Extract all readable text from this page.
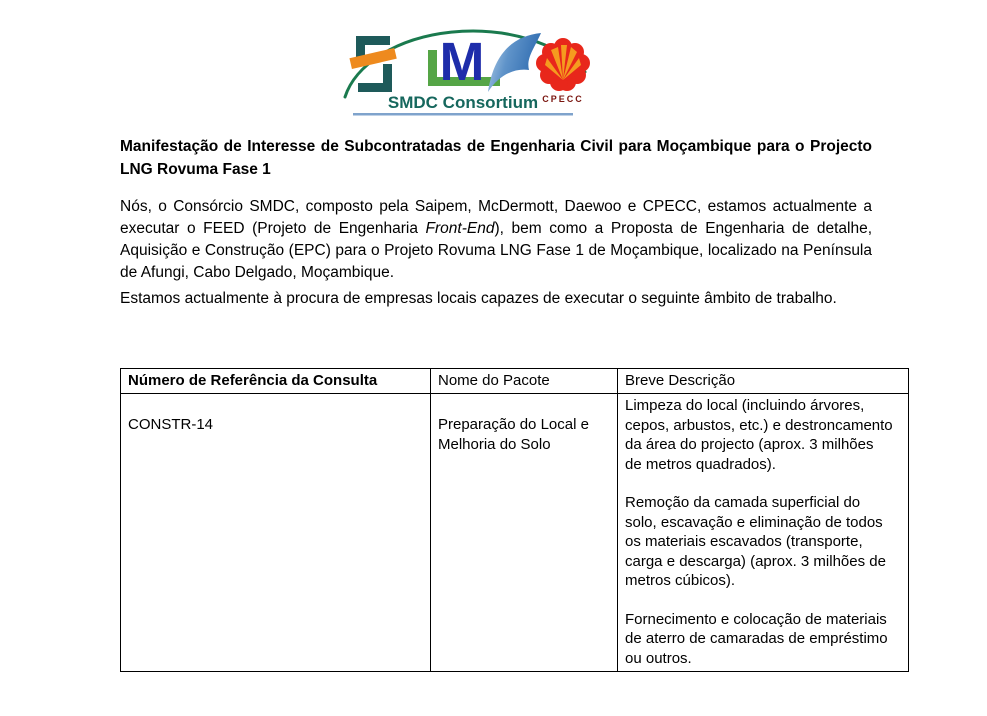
M
CPECC
SMDC Consortium
Manifestação de Interesse de Subcontratadas de Engenharia Civil para Moçambique para o Projecto LNG Rovuma Fase 1
Nós, o Consórcio SMDC, composto pela Saipem, McDermott, Daewoo e CPECC, estamos actualmente a executar o FEED (Projeto de Engenharia Front-End), bem como a Proposta de Engenharia de detalhe, Aquisição e Construção (EPC) para o Projeto Rovuma LNG Fase 1 de Moçambique, localizado na Península de Afungi, Cabo Delgado, Moçambique.
Estamos actualmente à procura de empresas locais capazes de executar o seguinte âmbito de trabalho.
Número de Referência da Consulta	Nome do Pacote	Breve Descrição
CONSTR-14	Preparação do Local e Melhoria do Solo	Limpeza do local (incluindo árvores, cepos, arbustos, etc.) e destroncamento da área do projecto (aprox. 3 milhões de metros quadrados).

Remoção da camada superficial do solo, escavação e eliminação de todos os materiais escavados (transporte, carga e descarga) (aprox. 3 milhões de metros cúbicos).

Fornecimento e colocação de materiais de aterro de camaradas de empréstimo ou outros.
